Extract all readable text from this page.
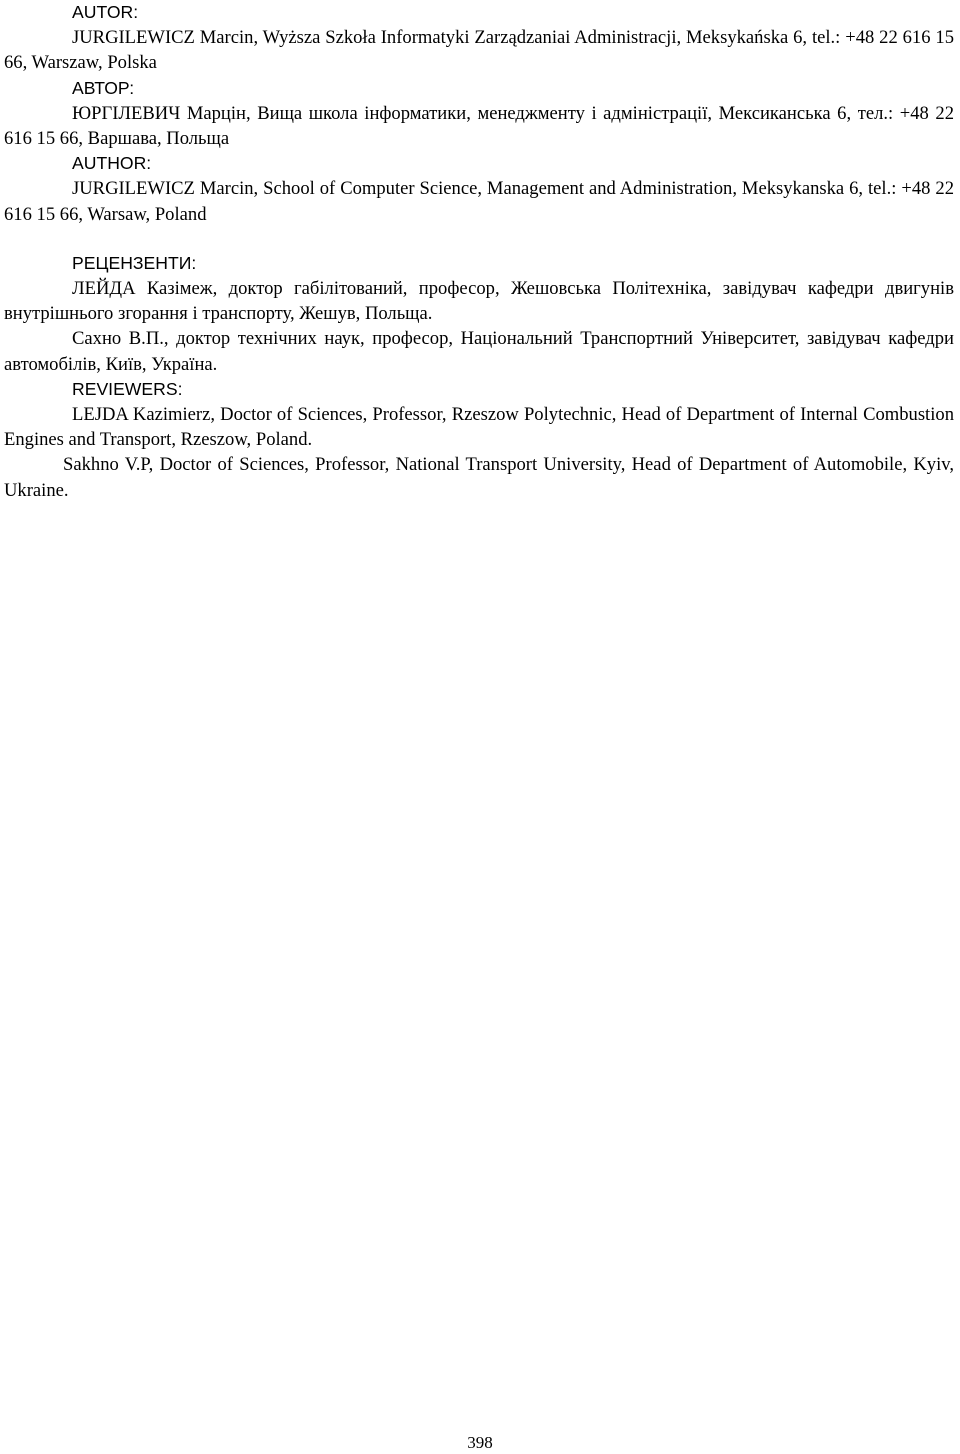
AUTOR:

JURGILEWICZ Marcin, Wyższa Szkoła Informatyki Zarządzaniai Administracji, Meksykańska 6, tel.: +48 22 616 15 66, Warszaw, Polska

АВТОР:

ЮРГІЛЕВИЧ Марцін, Вища школа інформатики, менеджменту і адміністрації, Мексиканська 6, тел.: +48 22 616 15 66, Варшава, Польща

AUTHOR:

JURGILEWICZ Marcin, School of Computer Science, Management and Administration, Meksykanska 6, tel.: +48 22 616 15 66, Warsaw, Poland

РЕЦЕНЗЕНТИ:

ЛЕЙДА Казімеж, доктор габілітований, професор, Жешовська Політехніка, завідувач кафедри двигунів внутрішнього згорання і транспорту, Жешув, Польща.

Сахно В.П., доктор технічних наук, професор, Національний Транспортний Університет, завідувач кафедри автомобілів, Київ, Україна.

REVIEWERS:

LEJDA Kazimierz, Doctor of Sciences, Professor, Rzeszow Polytechnic, Head of Department of Internal Combustion Engines and Transport, Rzeszow, Poland.

Sakhno V.P, Doctor of Sciences, Professor, National Transport University, Head of Department of Automobile, Kyiv, Ukraine.

398
